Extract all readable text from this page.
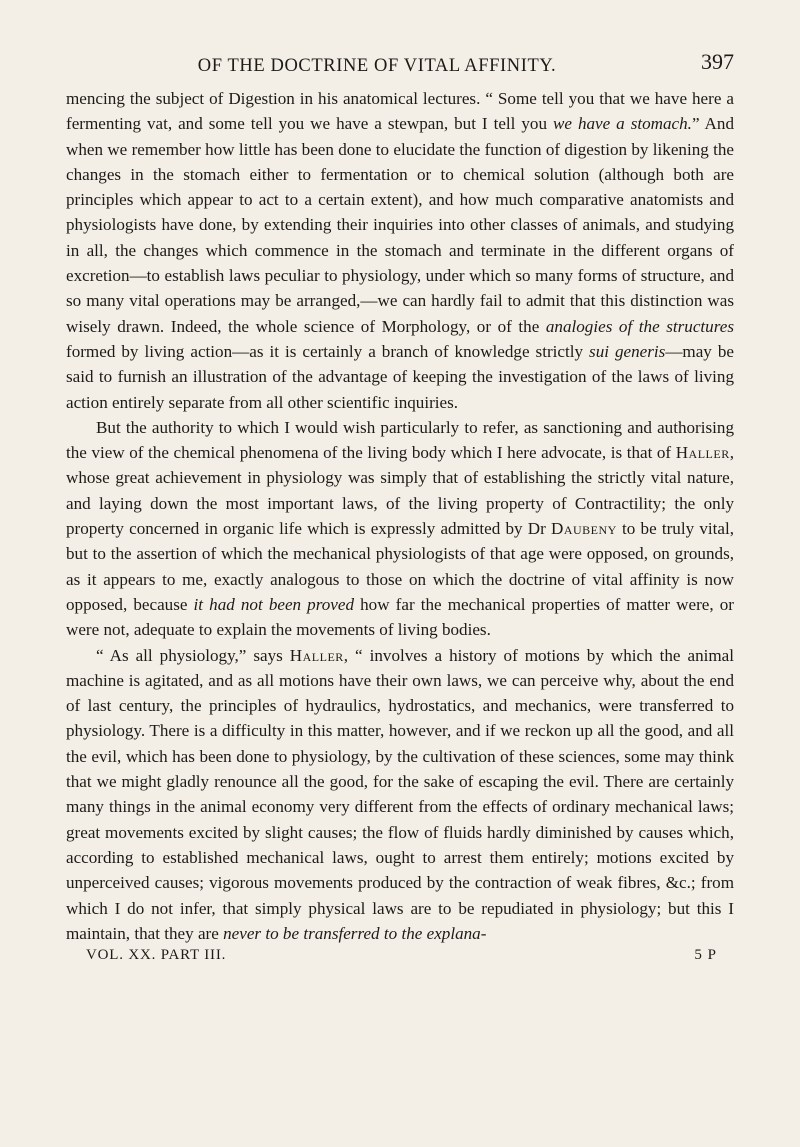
OF THE DOCTRINE OF VITAL AFFINITY.	397

mencing the subject of Digestion in his anatomical lectures. “ Some tell you that we have here a fermenting vat, and some tell you we have a stewpan, but I tell you we have a stomach.” And when we remember how little has been done to elucidate the function of digestion by likening the changes in the stomach either to fermentation or to chemical solution (although both are principles which appear to act to a certain extent), and how much comparative anatomists and physiologists have done, by extending their inquiries into other classes of animals, and studying in all, the changes which commence in the stomach and terminate in the different organs of excretion—to establish laws peculiar to physiology, under which so many forms of structure, and so many vital operations may be arranged,—we can hardly fail to admit that this distinction was wisely drawn. Indeed, the whole science of Morphology, or of the analogies of the structures formed by living action—as it is certainly a branch of knowledge strictly sui generis—may be said to furnish an illustration of the advantage of keeping the investigation of the laws of living action entirely separate from all other scientific inquiries.

But the authority to which I would wish particularly to refer, as sanctioning and authorising the view of the chemical phenomena of the living body which I here advocate, is that of Haller, whose great achievement in physiology was simply that of establishing the strictly vital nature, and laying down the most important laws, of the living property of Contractility; the only property concerned in organic life which is expressly admitted by Dr Daubeny to be truly vital, but to the assertion of which the mechanical physiologists of that age were opposed, on grounds, as it appears to me, exactly analogous to those on which the doctrine of vital affinity is now opposed, because it had not been proved how far the mechanical properties of matter were, or were not, adequate to explain the movements of living bodies.

“ As all physiology,” says Haller, “ involves a history of motions by which the animal machine is agitated, and as all motions have their own laws, we can perceive why, about the end of last century, the principles of hydraulics, hydrostatics, and mechanics, were transferred to physiology. There is a difficulty in this matter, however, and if we reckon up all the good, and all the evil, which has been done to physiology, by the cultivation of these sciences, some may think that we might gladly renounce all the good, for the sake of escaping the evil. There are certainly many things in the animal economy very different from the effects of ordinary mechanical laws; great movements excited by slight causes; the flow of fluids hardly diminished by causes which, according to established mechanical laws, ought to arrest them entirely; motions excited by unperceived causes; vigorous movements produced by the contraction of weak fibres, &c.; from which I do not infer, that simply physical laws are to be repudiated in physiology; but this I maintain, that they are never to be transferred to the explana-

VOL. XX. PART III.	5 P
